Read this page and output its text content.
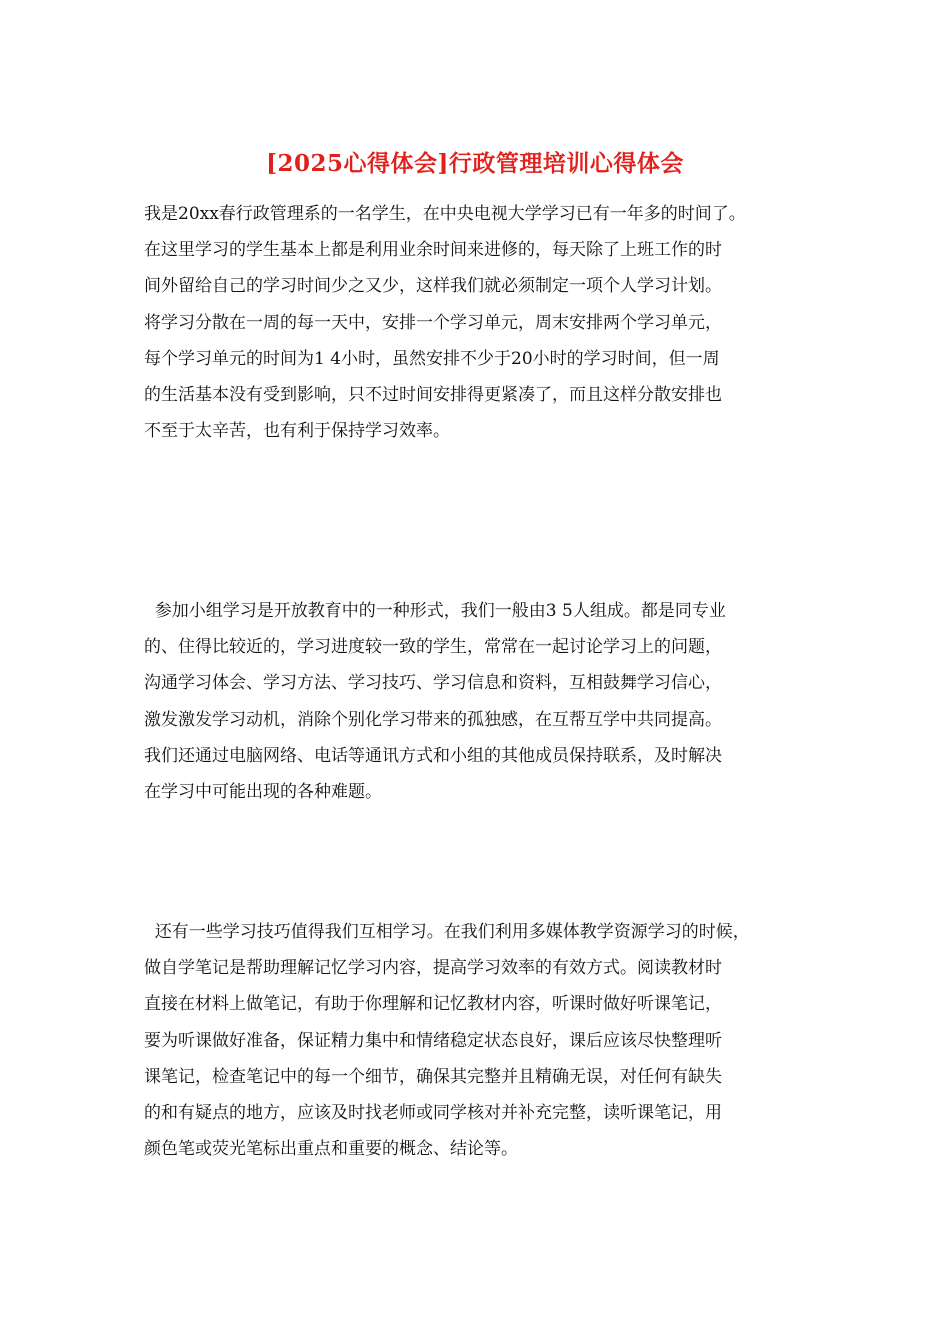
[2025心得体会]行政管理培训心得体会
我是20xx春行政管理系的一名学生，在中央电视大学学习已有一年多的时间了。
在这里学习的学生基本上都是利用业余时间来进修的，每天除了上班工作的时
间外留给自己的学习时间少之又少，这样我们就必须制定一项个人学习计划。
将学习分散在一周的每一天中，安排一个学习单元，周末安排两个学习单元，
每个学习单元的时间为1 4小时，虽然安排不少于20小时的学习时间，但一周
的生活基本没有受到影响，只不过时间安排得更紧凑了，而且这样分散安排也
不至于太辛苦，也有利于保持学习效率。
参加小组学习是开放教育中的一种形式，我们一般由3 5人组成。都是同专业
的、住得比较近的，学习进度较一致的学生，常常在一起讨论学习上的问题，
沟通学习体会、学习方法、学习技巧、学习信息和资料，互相鼓舞学习信心，
激发激发学习动机，消除个别化学习带来的孤独感，在互帮互学中共同提高。
我们还通过电脑网络、电话等通讯方式和小组的其他成员保持联系，及时解决
在学习中可能出现的各种难题。
还有一些学习技巧值得我们互相学习。在我们利用多媒体教学资源学习的时候，
做自学笔记是帮助理解记忆学习内容，提高学习效率的有效方式。阅读教材时
直接在材料上做笔记，有助于你理解和记忆教材内容，听课时做好听课笔记，
要为听课做好准备，保证精力集中和情绪稳定状态良好，课后应该尽快整理听
课笔记，检查笔记中的每一个细节，确保其完整并且精确无误，对任何有缺失
的和有疑点的地方，应该及时找老师或同学核对并补充完整，读听课笔记，用
颜色笔或荧光笔标出重点和重要的概念、结论等。
